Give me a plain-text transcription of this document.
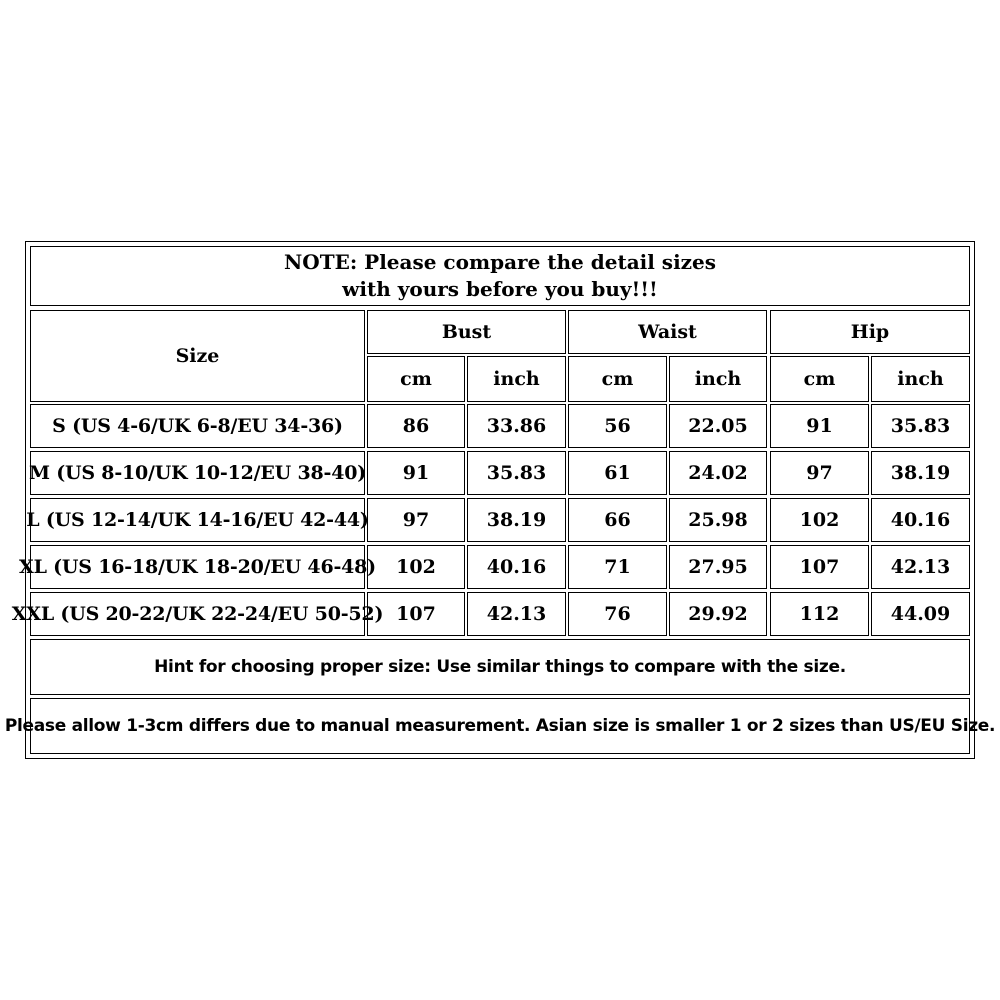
NOTE: Please compare the detail sizes
with yours before you buy!!!
Size
Bust	Waist	Hip
cm	inch	cm	inch	cm	inch
S (US 4-6/UK 6-8/EU 34-36)	86	33.86	56	22.05	91	35.83
M (US 8-10/UK 10-12/EU 38-40)	91	35.83	61	24.02	97	38.19
L (US 12-14/UK 14-16/EU 42-44)	97	38.19	66	25.98	102	40.16
XL (US 16-18/UK 18-20/EU 46-48)	102	40.16	71	27.95	107	42.13
XXL (US 20-22/UK 22-24/EU 50-52) 107	42.13	76	29.92	112	44.09
Hint for choosing proper size: Use similar things to compare with the size.
Please allow 1-3cm differs due to manual measurement. Asian size is smaller 1 or 2 sizes than US/EU Size.
